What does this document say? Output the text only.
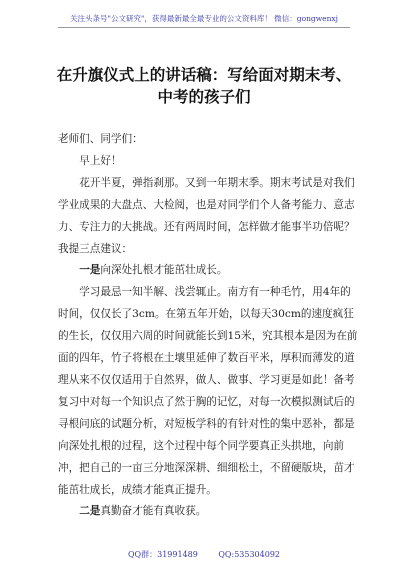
关注头条号"公文研究"，获得最新最全最专业的公文资料库！ 微信：gongwenxj
在升旗仪式上的讲话稿：写给面对期末考、
中考的孩子们

老师们、同学们：

早上好！

花开半夏，弹指刹那。又到一年期末季。期末考试是对我们学业成果的大盘点、大检阅，也是对同学们个人备考能力、意志力、专注力的大挑战。还有两周时间，怎样做才能事半功倍呢？我提三点建议：

一是向深处扎根才能茁壮成长。

学习最忌一知半解、浅尝辄止。南方有一种毛竹，用4年的时间，仅仅长了3cm。在第五年开始，以每天30cm的速度疯狂的生长，仅仅用六周的时间就能长到15米，究其根本是因为在前面的四年，竹子将根在土壤里延伸了数百平米，厚积而薄发的道理从来不仅仅适用于自然界，做人、做事、学习更是如此！备考复习中对每一个知识点了然于胸的记忆，对每一次模拟测试后的寻根问底的试题分析，对短板学科的有针对性的集中恶补，都是向深处扎根的过程，这个过程中每个同学要真正头拱地，向前冲，把自己的一亩三分地深深耕、细细松土，不留硬版块，苗才能茁壮成长，成绩才能真正提升。

二是真勤奋才能有真收获。

QQ群：31991489	QQ:535304092
